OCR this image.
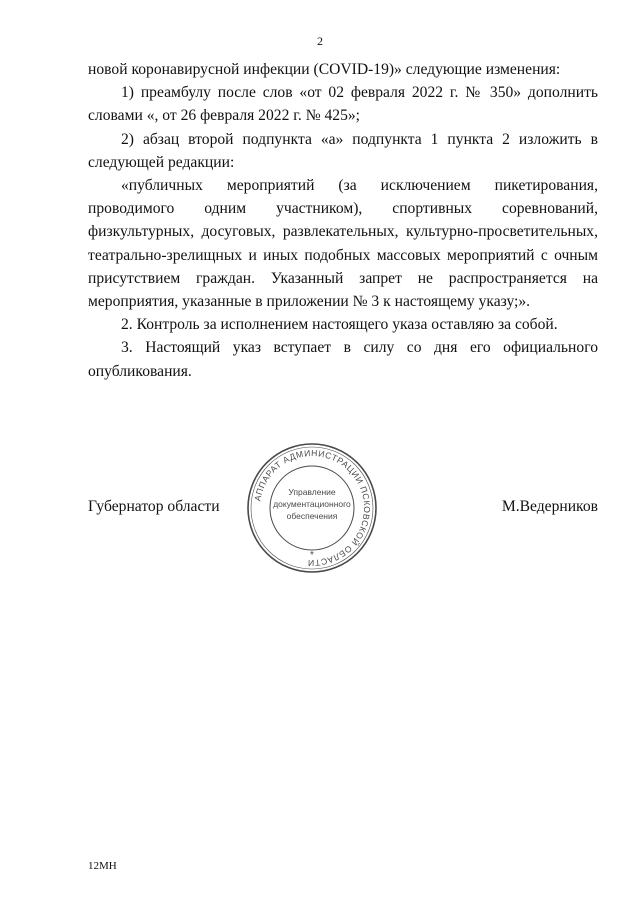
2

новой коронавирусной инфекции (COVID-19)» следующие изменения:

1) преамбулу после слов «от 02 февраля 2022 г. № 350» дополнить словами «, от 26 февраля 2022 г. № 425»;

2) абзац второй подпункта «а» подпункта 1 пункта 2 изложить в следующей редакции:

«публичных мероприятий (за исключением пикетирования, проводимого одним участником), спортивных соревнований, физкультурных, досуговых, развлекательных, культурно-просветительных, театрально-зрелищных и иных подобных массовых мероприятий с очным присутствием граждан. Указанный запрет не распространяется на мероприятия, указанные в приложении № 3 к настоящему указу;».

2. Контроль за исполнением настоящего указа оставляю за собой.

3. Настоящий указ вступает в силу со дня его официального опубликования.

АППАРАТ АДМИНИСТРАЦИИ ПСКОВСКОЙ ОБЛАСТИ
Управление
документационного
обеспечения
*
Губернатор области	М.Ведерников
12МН
